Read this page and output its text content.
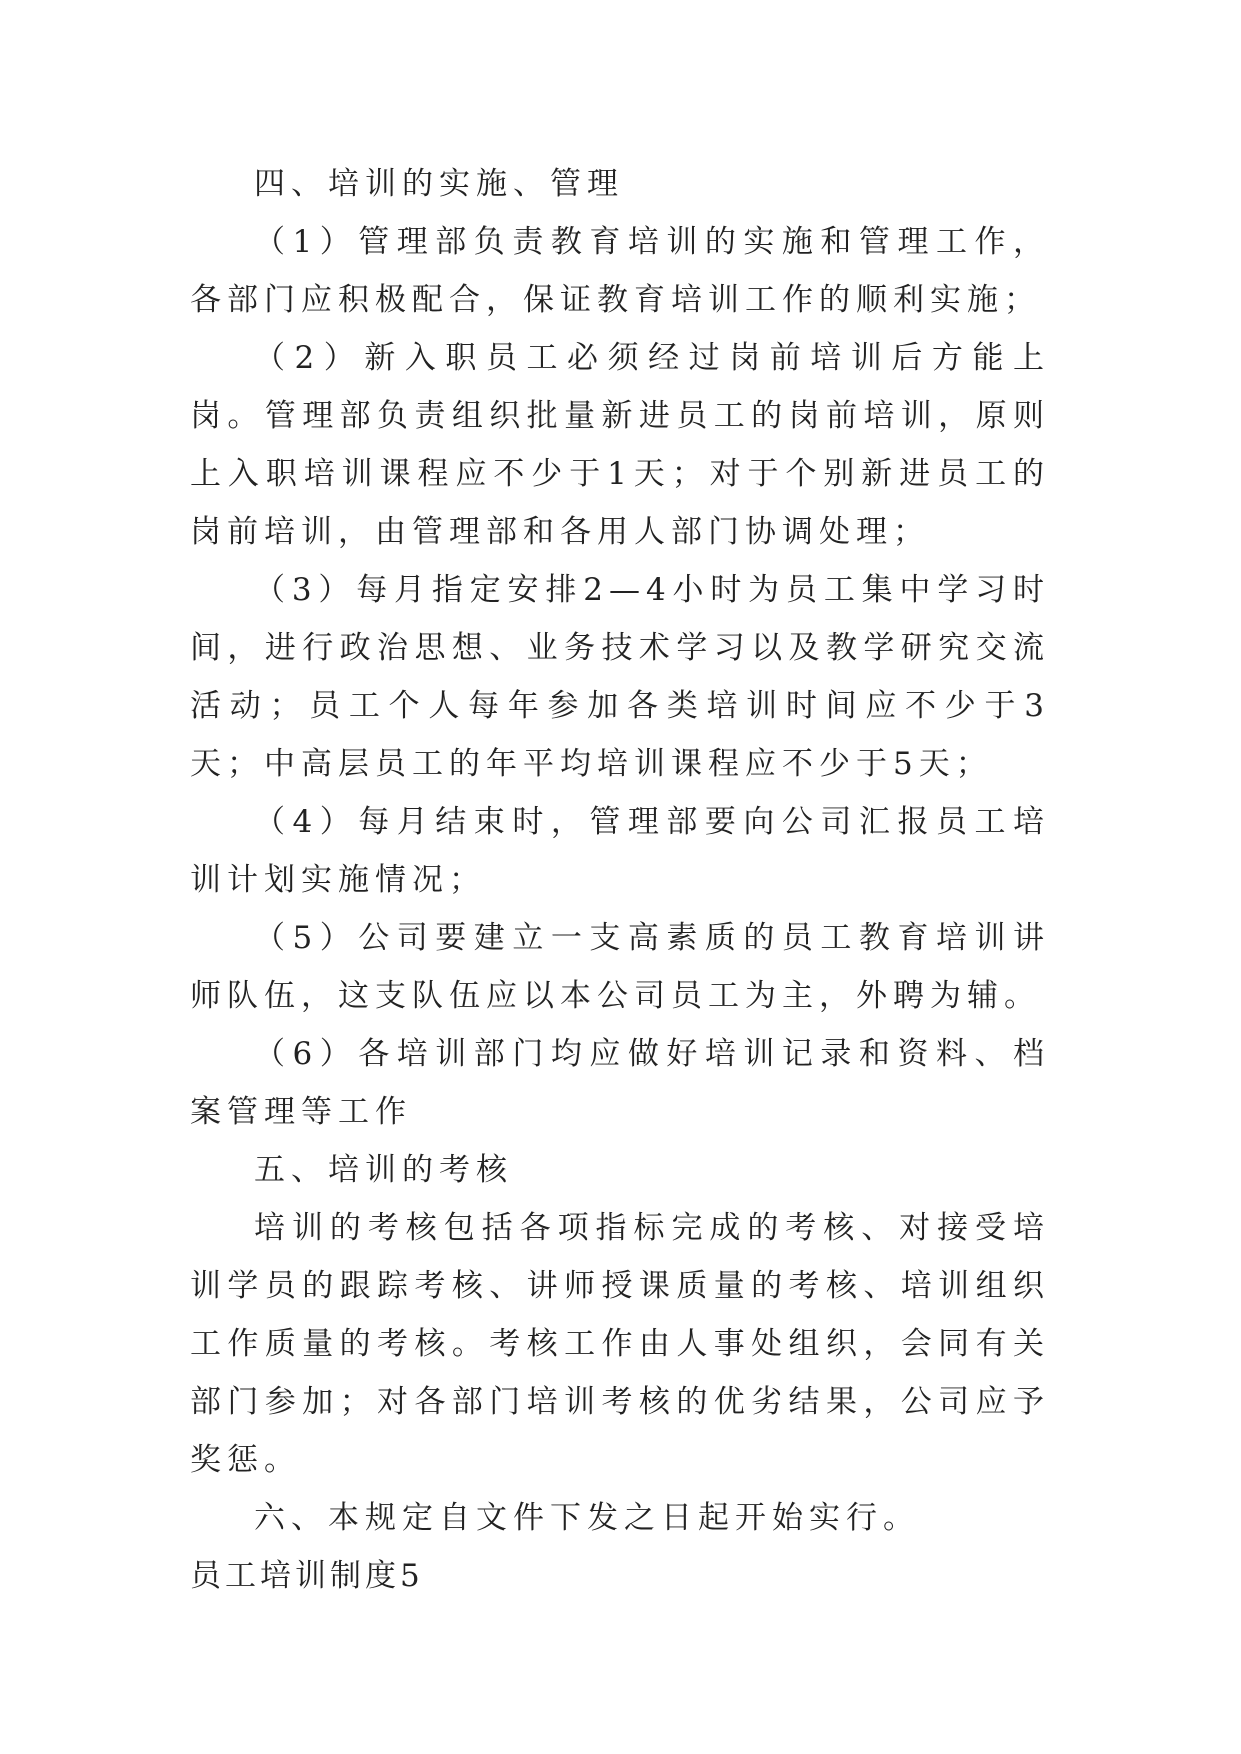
四、培训的实施、管理

（1）管理部负责教育培训的实施和管理工作，各部门应积极配合，保证教育培训工作的顺利实施；

（2）新入职员工必须经过岗前培训后方能上岗。管理部负责组织批量新进员工的岗前培训，原则上入职培训课程应不少于1天；对于个别新进员工的岗前培训，由管理部和各用人部门协调处理；

（3）每月指定安排2—4小时为员工集中学习时间，进行政治思想、业务技术学习以及教学研究交流活动；员工个人每年参加各类培训时间应不少于3天；中高层员工的年平均培训课程应不少于5天；

（4）每月结束时，管理部要向公司汇报员工培训计划实施情况；

（5）公司要建立一支高素质的员工教育培训讲师队伍，这支队伍应以本公司员工为主，外聘为辅。

（6）各培训部门均应做好培训记录和资料、档案管理等工作

五、培训的考核

培训的考核包括各项指标完成的考核、对接受培训学员的跟踪考核、讲师授课质量的考核、培训组织工作质量的考核。考核工作由人事处组织，会同有关部门参加；对各部门培训考核的优劣结果，公司应予奖惩。

六、本规定自文件下发之日起开始实行。

员工培训制度5
